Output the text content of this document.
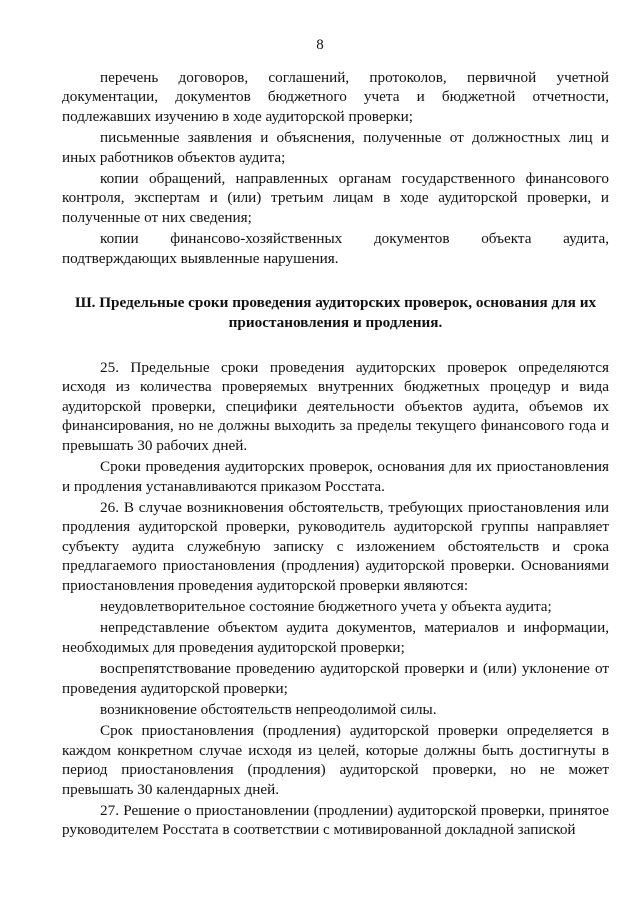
8

перечень договоров, соглашений, протоколов, первичной учетной документации, документов бюджетного учета и бюджетной отчетности, подлежавших изучению в ходе аудиторской проверки;

письменные заявления и объяснения, полученные от должностных лиц и иных работников объектов аудита;

копии обращений, направленных органам государственного финансового контроля, экспертам и (или) третьим лицам в ходе аудиторской проверки, и полученные от них сведения;

копии финансово-хозяйственных документов объекта аудита, подтверждающих выявленные нарушения.

Ш. Предельные сроки проведения аудиторских проверок, основания для их приостановления и продления.

25. Предельные сроки проведения аудиторских проверок определяются исходя из количества проверяемых внутренних бюджетных процедур и вида аудиторской проверки, специфики деятельности объектов аудита, объемов их финансирования, но не должны выходить за пределы текущего финансового года и превышать 30 рабочих дней.

Сроки проведения аудиторских проверок, основания для их приостановления и продления устанавливаются приказом Росстата.

26. В случае возникновения обстоятельств, требующих приостановления или продления аудиторской проверки, руководитель аудиторской группы направляет субъекту аудита служебную записку с изложением обстоятельств и срока предлагаемого приостановления (продления) аудиторской проверки. Основаниями приостановления проведения аудиторской проверки являются:

неудовлетворительное состояние бюджетного учета у объекта аудита;

непредставление объектом аудита документов, материалов и информации, необходимых для проведения аудиторской проверки;

воспрепятствование проведению аудиторской проверки и (или) уклонение от проведения аудиторской проверки;

возникновение обстоятельств непреодолимой силы.

Срок приостановления (продления) аудиторской проверки определяется в каждом конкретном случае исходя из целей, которые должны быть достигнуты в период приостановления (продления) аудиторской проверки, но не может превышать 30 календарных дней.

27. Решение о приостановлении (продлении) аудиторской проверки, принятое руководителем Росстата в соответствии с мотивированной докладной запиской
